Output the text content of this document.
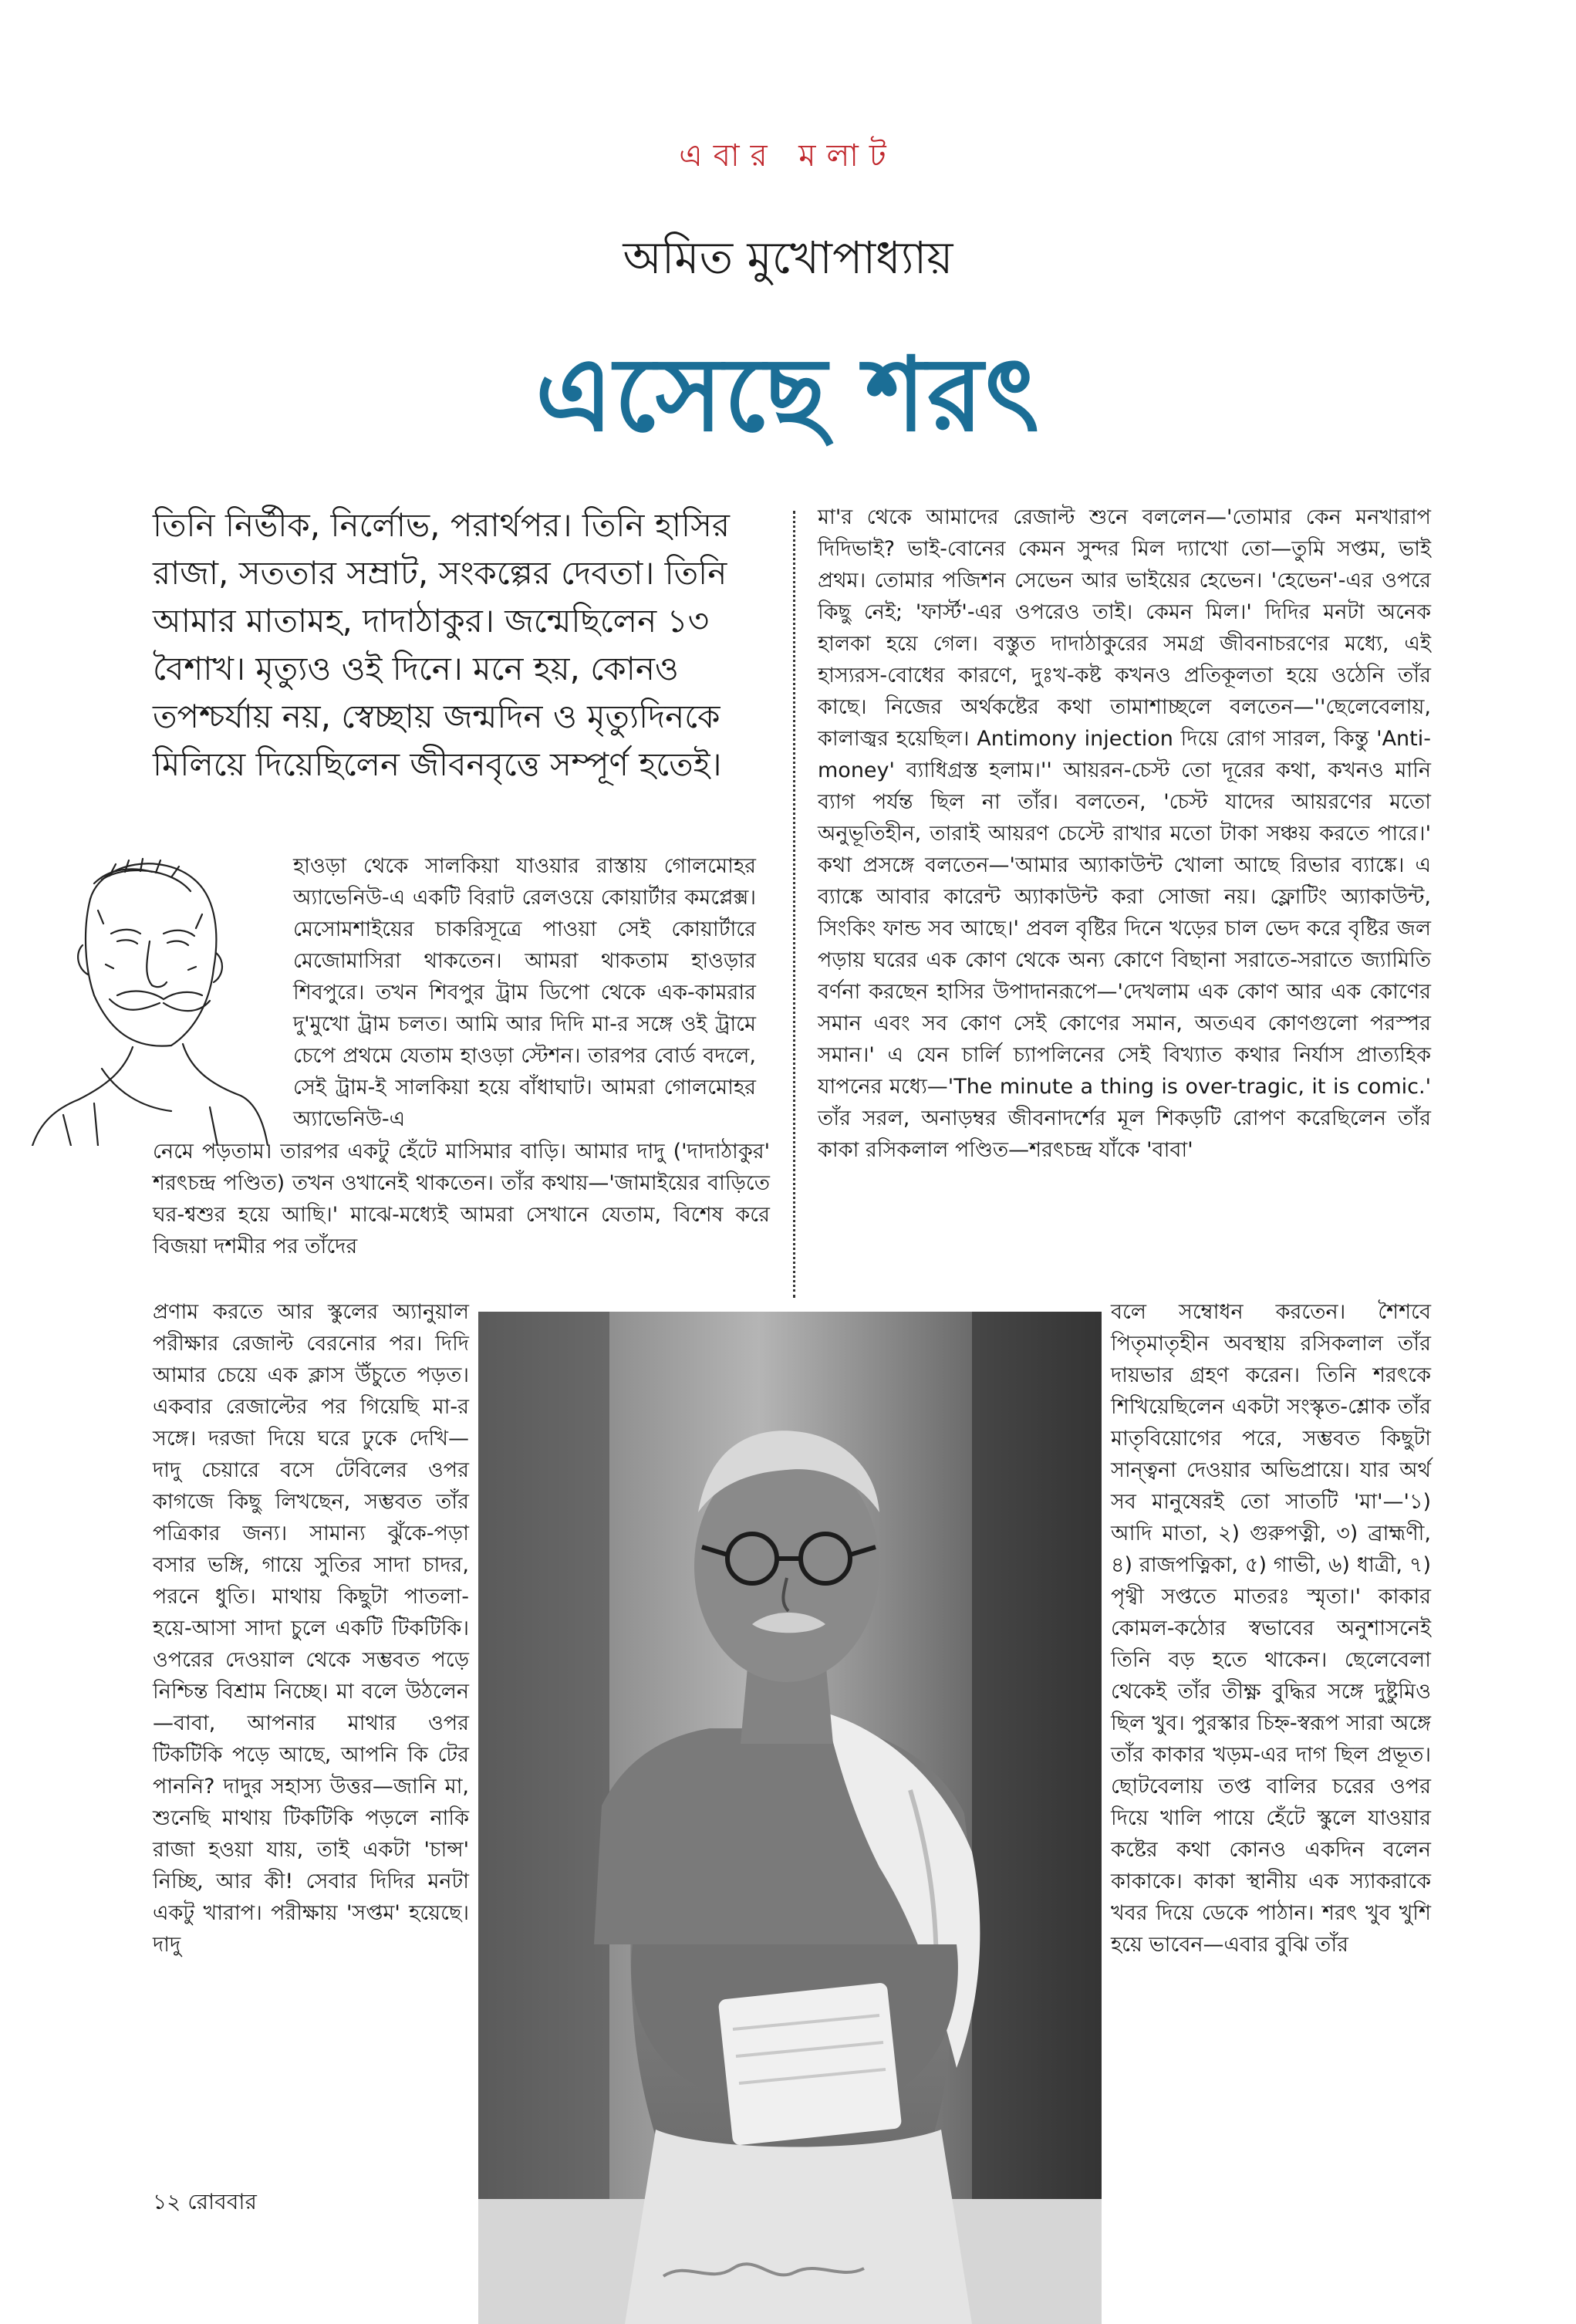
এবার মলাট
অমিত মুখোপাধ্যায়
এসেছে শরৎ
তিনি নির্ভীক, নির্লোভ, পরার্থপর। তিনি হাসির রাজা, সততার সম্রাট, সংকল্পের দেবতা। তিনি আমার মাতামহ, দাদাঠাকুর। জন্মেছিলেন ১৩ বৈশাখ। মৃত্যুও ওই দিনে। মনে হয়, কোনও তপশ্চর্যায় নয়, স্বেচ্ছায় জন্মদিন ও মৃত্যুদিনকে মিলিয়ে দিয়েছিলেন জীবনবৃত্তে সম্পূর্ণ হতেই।
হাওড়া থেকে সালকিয়া যাওয়ার রাস্তায় গোলমোহর অ্যাভেনিউ-এ একটি বিরাট রেলওয়ে কোয়ার্টার কমপ্লেক্স। মেসোমশাইয়ের চাকরিসূত্রে পাওয়া সেই কোয়ার্টারে মেজোমাসিরা থাকতেন। আমরা থাকতাম হাওড়ার শিবপুরে। তখন শিবপুর ট্রাম ডিপো থেকে এক-কামরার দু'মুখো ট্রাম চলত। আমি আর দিদি মা-র সঙ্গে ওই ট্রামে চেপে প্রথমে যেতাম হাওড়া স্টেশন। তারপর বোর্ড বদলে, সেই ট্রাম-ই সালকিয়া হয়ে বাঁধাঘাট। আমরা গোলমোহর অ্যাভেনিউ-এ
নেমে পড়তাম। তারপর একটু হেঁটে মাসিমার বাড়ি। আমার দাদু ('দাদাঠাকুর' শরৎচন্দ্র পণ্ডিত) তখন ওখানেই থাকতেন। তাঁর কথায়—'জামাইয়ের বাড়িতে ঘর-শ্বশুর হয়ে আছি।' মাঝে-মধ্যেই আমরা সেখানে যেতাম, বিশেষ করে বিজয়া দশমীর পর তাঁদের
প্রণাম করতে আর স্কুলের অ্যানুয়াল পরীক্ষার রেজাল্ট বেরনোর পর। দিদি আমার চেয়ে এক ক্লাস উঁচুতে পড়ত। একবার রেজাল্টের পর গিয়েছি মা-র সঙ্গে। দরজা দিয়ে ঘরে ঢুকে দেখি—দাদু চেয়ারে বসে টেবিলের ওপর কাগজে কিছু লিখছেন, সম্ভবত তাঁর পত্রিকার জন্য। সামান্য ঝুঁকে-পড়া বসার ভঙ্গি, গায়ে সুতির সাদা চাদর, পরনে ধুতি। মাথায় কিছুটা পাতলা-হয়ে-আসা সাদা চুলে একটি টিকটিকি। ওপরের দেওয়াল থেকে সম্ভবত পড়ে নিশ্চিন্ত বিশ্রাম নিচ্ছে। মা বলে উঠলেন—বাবা, আপনার মাথার ওপর টিকটিকি পড়ে আছে, আপনি কি টের পাননি? দাদুর সহাস্য উত্তর—জানি মা, শুনেছি মাথায় টিকটিকি পড়লে নাকি রাজা হওয়া যায়, তাই একটা 'চান্স' নিচ্ছি, আর কী! সেবার দিদির মনটা একটু খারাপ। পরীক্ষায় 'সপ্তম' হয়েছে। দাদু
মা'র থেকে আমাদের রেজাল্ট শুনে বললেন—'তোমার কেন মনখারাপ দিদিভাই? ভাই-বোনের কেমন সুন্দর মিল দ্যাখো তো—তুমি সপ্তম, ভাই প্রথম। তোমার পজিশন সেভেন আর ভাইয়ের হেভেন। 'হেভেন'-এর ওপরে কিছু নেই; 'ফার্স্ট'-এর ওপরেও তাই। কেমন মিল।' দিদির মনটা অনেক হালকা হয়ে গেল। বস্তুত দাদাঠাকুরের সমগ্র জীবনাচরণের মধ্যে, এই হাস্যরস-বোধের কারণে, দুঃখ-কষ্ট কখনও প্রতিকূলতা হয়ে ওঠেনি তাঁর কাছে। নিজের অর্থকষ্টের কথা তামাশাচ্ছলে বলতেন—''ছেলেবেলায়, কালাজ্বর হয়েছিল। Antimony injection দিয়ে রোগ সারল, কিন্তু 'Anti-money' ব্যাধিগ্রস্ত হলাম।'' আয়রন-চেস্ট তো দূরের কথা, কখনও মানি ব্যাগ পর্যন্ত ছিল না তাঁর। বলতেন, 'চেস্ট যাদের আয়রণের মতো অনুভূতিহীন, তারাই আয়রণ চেস্টে রাখার মতো টাকা সঞ্চয় করতে পারে।' কথা প্রসঙ্গে বলতেন—'আমার অ্যাকাউন্ট খোলা আছে রিভার ব্যাঙ্কে। এ ব্যাঙ্কে আবার কারেন্ট অ্যাকাউন্ট করা সোজা নয়। ফ্লোটিং অ্যাকাউন্ট, সিংকিং ফান্ড সব আছে।' প্রবল বৃষ্টির দিনে খড়ের চাল ভেদ করে বৃষ্টির জল পড়ায় ঘরের এক কোণ থেকে অন্য কোণে বিছানা সরাতে-সরাতে জ্যামিতি বর্ণনা করছেন হাসির উপাদানরূপে—'দেখলাম এক কোণ আর এক কোণের সমান এবং সব কোণ সেই কোণের সমান, অতএব কোণগুলো পরস্পর সমান।' এ যেন চার্লি চ্যাপলিনের সেই বিখ্যাত কথার নির্যাস প্রাত্যহিক যাপনের মধ্যে—'The minute a thing is over-tragic, it is comic.' তাঁর সরল, অনাড়ম্বর জীবনাদর্শের মূল শিকড়টি রোপণ করেছিলেন তাঁর কাকা রসিকলাল পণ্ডিত—শরৎচন্দ্র যাঁকে 'বাবা'
বলে সম্বোধন করতেন। শৈশবে পিতৃমাতৃহীন অবস্থায় রসিকলাল তাঁর দায়ভার গ্রহণ করেন। তিনি শরৎকে শিখিয়েছিলেন একটা সংস্কৃত-শ্লোক তাঁর মাতৃবিয়োগের পরে, সম্ভবত কিছুটা সান্ত্বনা দেওয়ার অভিপ্রায়ে। যার অর্থ সব মানুষেরই তো সাতটি 'মা'—'১) আদি মাতা, ২) গুরুপত্নী, ৩) ব্রাহ্মণী, ৪) রাজপত্নিকা, ৫) গাভী, ৬) ধাত্রী, ৭) পৃথ্বী সপ্ততে মাতরঃ স্মৃতা।' কাকার কোমল-কঠোর স্বভাবের অনুশাসনেই তিনি বড় হতে থাকেন। ছেলেবেলা থেকেই তাঁর তীক্ষ্ণ বুদ্ধির সঙ্গে দুষ্টুমিও ছিল খুব। পুরস্কার চিহ্ন-স্বরূপ সারা অঙ্গে তাঁর কাকার খড়ম-এর দাগ ছিল প্রভূত। ছোটবেলায় তপ্ত বালির চরের ওপর দিয়ে খালি পায়ে হেঁটে স্কুলে যাওয়ার কষ্টের কথা কোনও একদিন বলেন কাকাকে। কাকা স্থানীয় এক স্যাকরাকে খবর দিয়ে ডেকে পাঠান। শরৎ খুব খুশি হয়ে ভাবেন—এবার বুঝি তাঁর
১২ রোববার
